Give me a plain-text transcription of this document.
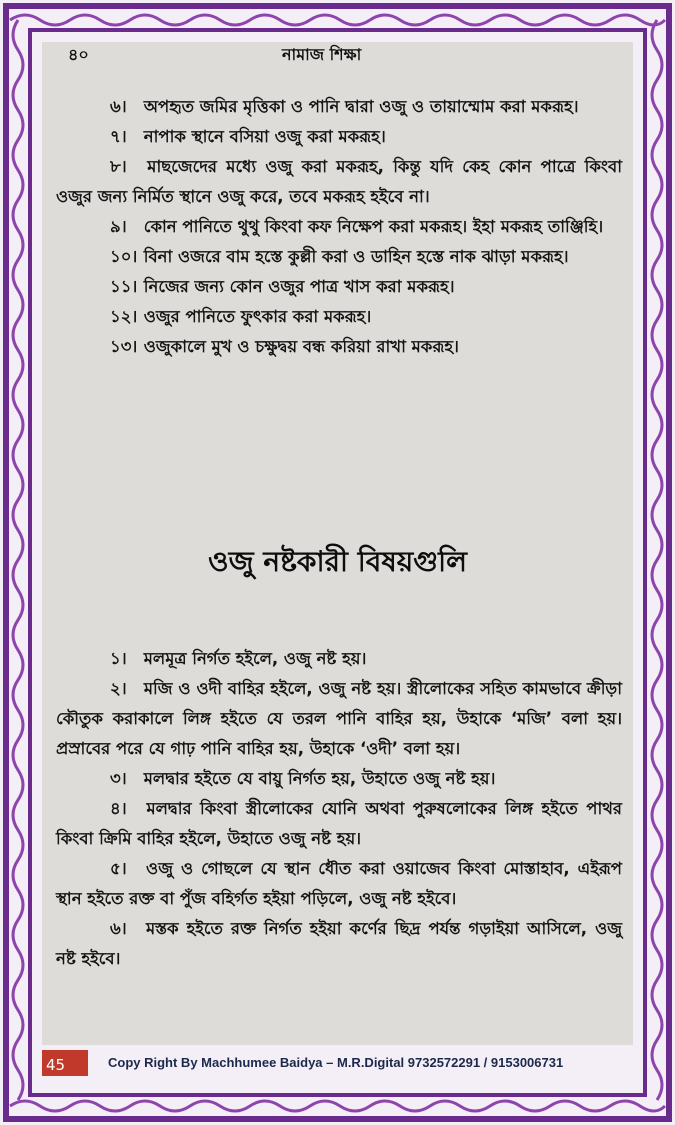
৪০	নামাজ শিক্ষা

৬। অপহৃত জমির মৃত্তিকা ও পানি দ্বারা ওজু ও তায়াম্মোম করা মকরূহ।

৭। নাপাক স্থানে বসিয়া ওজু করা মকরূহ।

৮। মাছজেদের মধ্যে ওজু করা মকরূহ, কিন্তু যদি কেহ কোন পাত্রে কিংবা ওজুর জন্য নির্মিত স্থানে ওজু করে, তবে মকরূহ হইবে না।

৯। কোন পানিতে থুথু কিংবা কফ নিক্ষেপ করা মকরূহ। ইহা মকরূহ তাঞ্জিহি।

১০। বিনা ওজরে বাম হস্তে কুল্লী করা ও ডাহিন হস্তে নাক ঝাড়া মকরূহ।

১১। নিজের জন্য কোন ওজুর পাত্র খাস করা মকরূহ।

১২। ওজুর পানিতে ফুৎকার করা মকরূহ।

১৩। ওজুকালে মুখ ও চক্ষুদ্বয় বন্ধ করিয়া রাখা মকরূহ।

ওজু নষ্টকারী বিষয়গুলি

১। মলমূত্র নির্গত হইলে, ওজু নষ্ট হয়।

২। মজি ও ওদী বাহির হইলে, ওজু নষ্ট হয়। স্ত্রীলোকের সহিত কামভাবে ক্রীড়া কৌতুক করাকালে লিঙ্গ হইতে যে তরল পানি বাহির হয়, উহাকে ‘মজি’ বলা হয়। প্রস্রাবের পরে যে গাঢ় পানি বাহির হয়, উহাকে ‘ওদী’ বলা হয়।

৩। মলদ্বার হইতে যে বায়ু নির্গত হয়, উহাতে ওজু নষ্ট হয়।

৪। মলদ্বার কিংবা স্ত্রীলোকের যোনি অথবা পুরুষলোকের লিঙ্গ হইতে পাথর কিংবা ক্রিমি বাহির হইলে, উহাতে ওজু নষ্ট হয়।

৫। ওজু ও গোছলে যে স্থান ধৌত করা ওয়াজেব কিংবা মোস্তাহাব, এইরূপ স্থান হইতে রক্ত বা পুঁজ বহির্গত হইয়া পড়িলে, ওজু নষ্ট হইবে।

৬। মস্তক হইতে রক্ত নির্গত হইয়া কর্ণের ছিদ্র পর্যন্ত গড়াইয়া আসিলে, ওজু নষ্ট হইবে।

45	Copy Right By Machhumee Baidya – M.R.Digital 9732572291 / 9153006731
